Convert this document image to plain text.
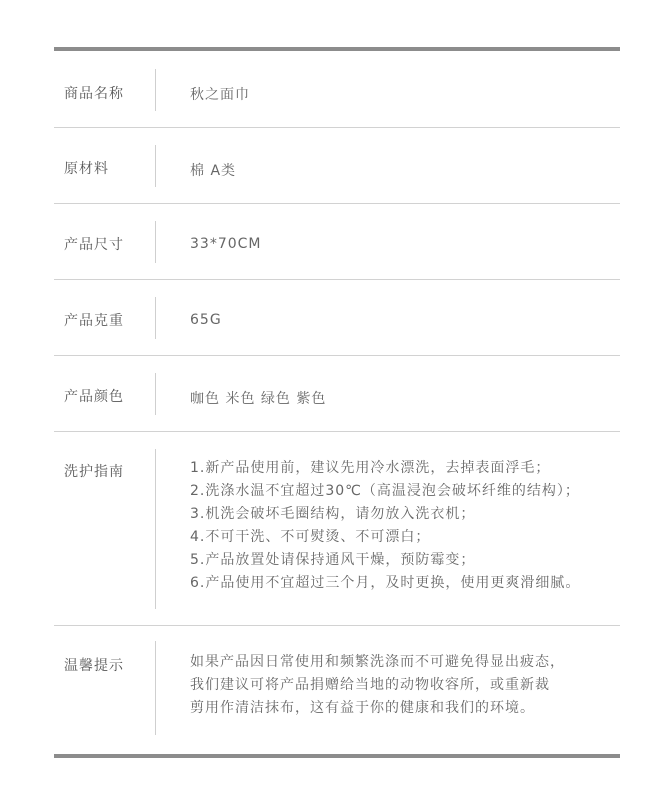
商品名称	秋之面巾
原材料	棉 A类
产品尺寸	33*70CM
产品克重	65G
产品颜色	咖色 米色 绿色 紫色
洗护指南	1.新产品使用前，建议先用冷水漂洗，去掉表面浮毛；
2.洗涤水温不宜超过30℃（高温浸泡会破坏纤维的结构）；
3.机洗会破坏毛圈结构，请勿放入洗衣机；
4.不可干洗、不可熨烫、不可漂白；
5.产品放置处请保持通风干燥，预防霉变；
6.产品使用不宜超过三个月，及时更换，使用更爽滑细腻。
温馨提示	如果产品因日常使用和频繁洗涤而不可避免得显出疲态，
我们建议可将产品捐赠给当地的动物收容所，或重新裁
剪用作清洁抹布，这有益于你的健康和我们的环境。
